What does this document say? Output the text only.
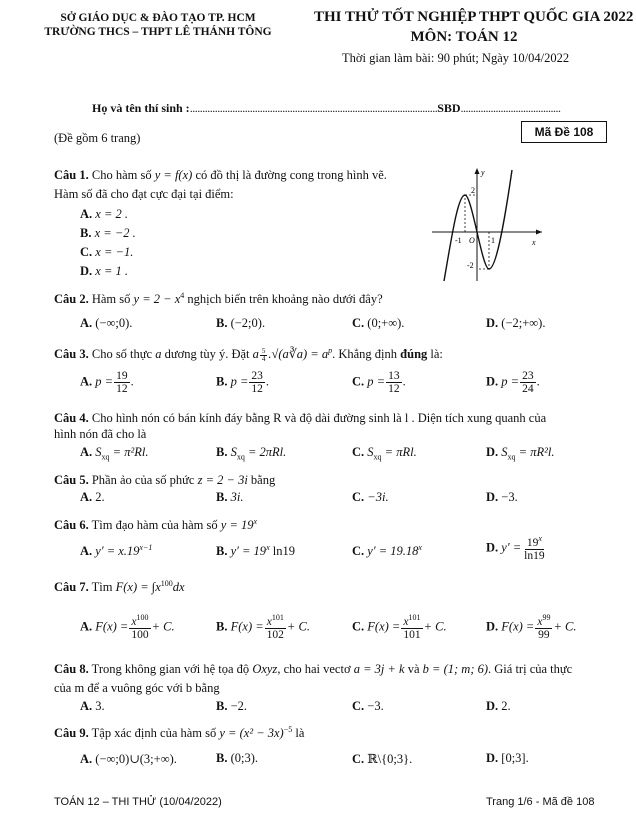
SỞ GIÁO DỤC & ĐÀO TẠO TP. HCM
TRƯỜNG THCS – THPT LÊ THÁNH TÔNG
THI THỬ TỐT NGHIỆP THPT QUỐC GIA 2022
MÔN: TOÁN 12
Thời gian làm bài: 90 phút; Ngày 10/04/2022
Họ và tên thí sinh :...................................................................................................SBD........................................
(Đề gồm 6 trang)	Mã Đề 108
y
x
O
2
-2
-1	1
Câu 1. Cho hàm số y = f(x) có đồ thị là đường cong trong hình vẽ.
Hàm số đã cho đạt cực đại tại điểm:
A. x = 2 .
B. x = −2 .
C. x = −1.
D. x = 1 .
Câu 2. Hàm số $y = 2 - x^4$ nghịch biến trên khoảng nào dưới đây?
A. (−∞;0).	B. (−2;0).	C. (0;+∞).	D. (−2;+∞).
Câu 3. Cho số thực a dương tùy ý. Đặt a $\frac{5}{4}$ .√(a∛a) = $a^p$. Khẳng định đúng là:
A. $p = \frac{19}{12}$ .	B. $p = \frac{23}{12}$ .	C. $p = \frac{13}{12}$ .	D. $p = \frac{23}{24}$ .
Câu 4. Cho hình nón có bán kính đáy bằng R và độ dài đường sinh là l . Diện tích xung quanh của
hình nón đã cho là
A. $S_{xq} = \pi^2Rl$.	B. $S_{xq} = 2\pi Rl$.	C. $S_{xq} = \pi Rl$.	D. $S_{xq} = \pi R^2l$.
Câu 5. Phần ảo của số phức z = 2 − 3i bằng
A. 2.	B. 3i.	C. −3i.	D. −3.
Câu 6. Tìm đạo hàm của hàm số $y = 19^x$
A. $y' = x.19^{x-1}$	B. $y' = 19^x$ ln19	C. $y' = 19.18^x$	D. $y' = \frac{19^x}{\ln 19}$
Câu 7. Tìm $F(x) = \int x^{100}dx$
A. $F(x) = \frac{x^{100}}{100} + C$.	B. $F(x) = \frac{x^{101}}{102} + C$.	C. $F(x) = \frac{x^{101}}{101} + C$.	D. $F(x) = \frac{x^{99}}{99} + C$.
Câu 8. Trong không gian với hệ tọa độ Oxyz, cho hai vectơ a = 3j + k và b = (1; m; 6). Giá trị của thực
của m để a vuông góc với b bằng
A. 3.	B. −2.	C. −3.	D. 2.
Câu 9. Tập xác định của hàm số $y = (x^2 - 3x)^{-5}$ là
A. (−∞;0)∪(3;+∞).	B. (0;3).	C. ℝ\{0;3}.	D. [0;3].
TOÁN 12 – THI THỬ (10/04/2022)	Trang 1/6 - Mã đề 108
